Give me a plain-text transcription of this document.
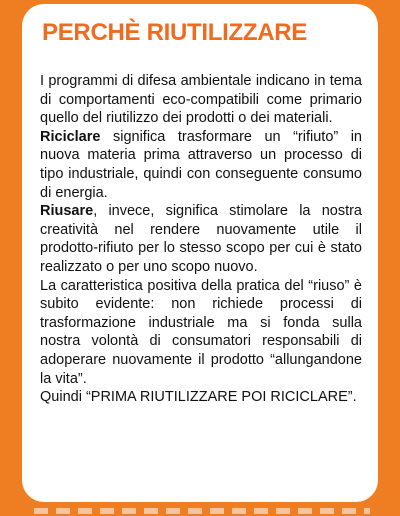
PERCHÈ RIUTILIZZARE

I programmi di difesa ambientale indicano in tema di comportamenti eco-compatibili come primario quello del riutilizzo dei prodotti o dei materiali.

Riciclare significa trasformare un “rifiuto” in nuova materia prima attraverso un processo di tipo industriale, quindi con conseguente consumo di energia.

Riusare, invece, significa stimolare la nostra creatività nel rendere nuovamente utile il prodotto-rifiuto per lo stesso scopo per cui è stato realizzato o per uno scopo nuovo.

La caratteristica positiva della pratica del “riuso” è subito evidente: non richiede processi di trasformazione industriale ma si fonda sulla nostra volontà di consumatori responsabili di adoperare nuovamente il prodotto “allungandone la vita”.

Quindi “PRIMA RIUTILIZZARE POI RICICLARE”.
